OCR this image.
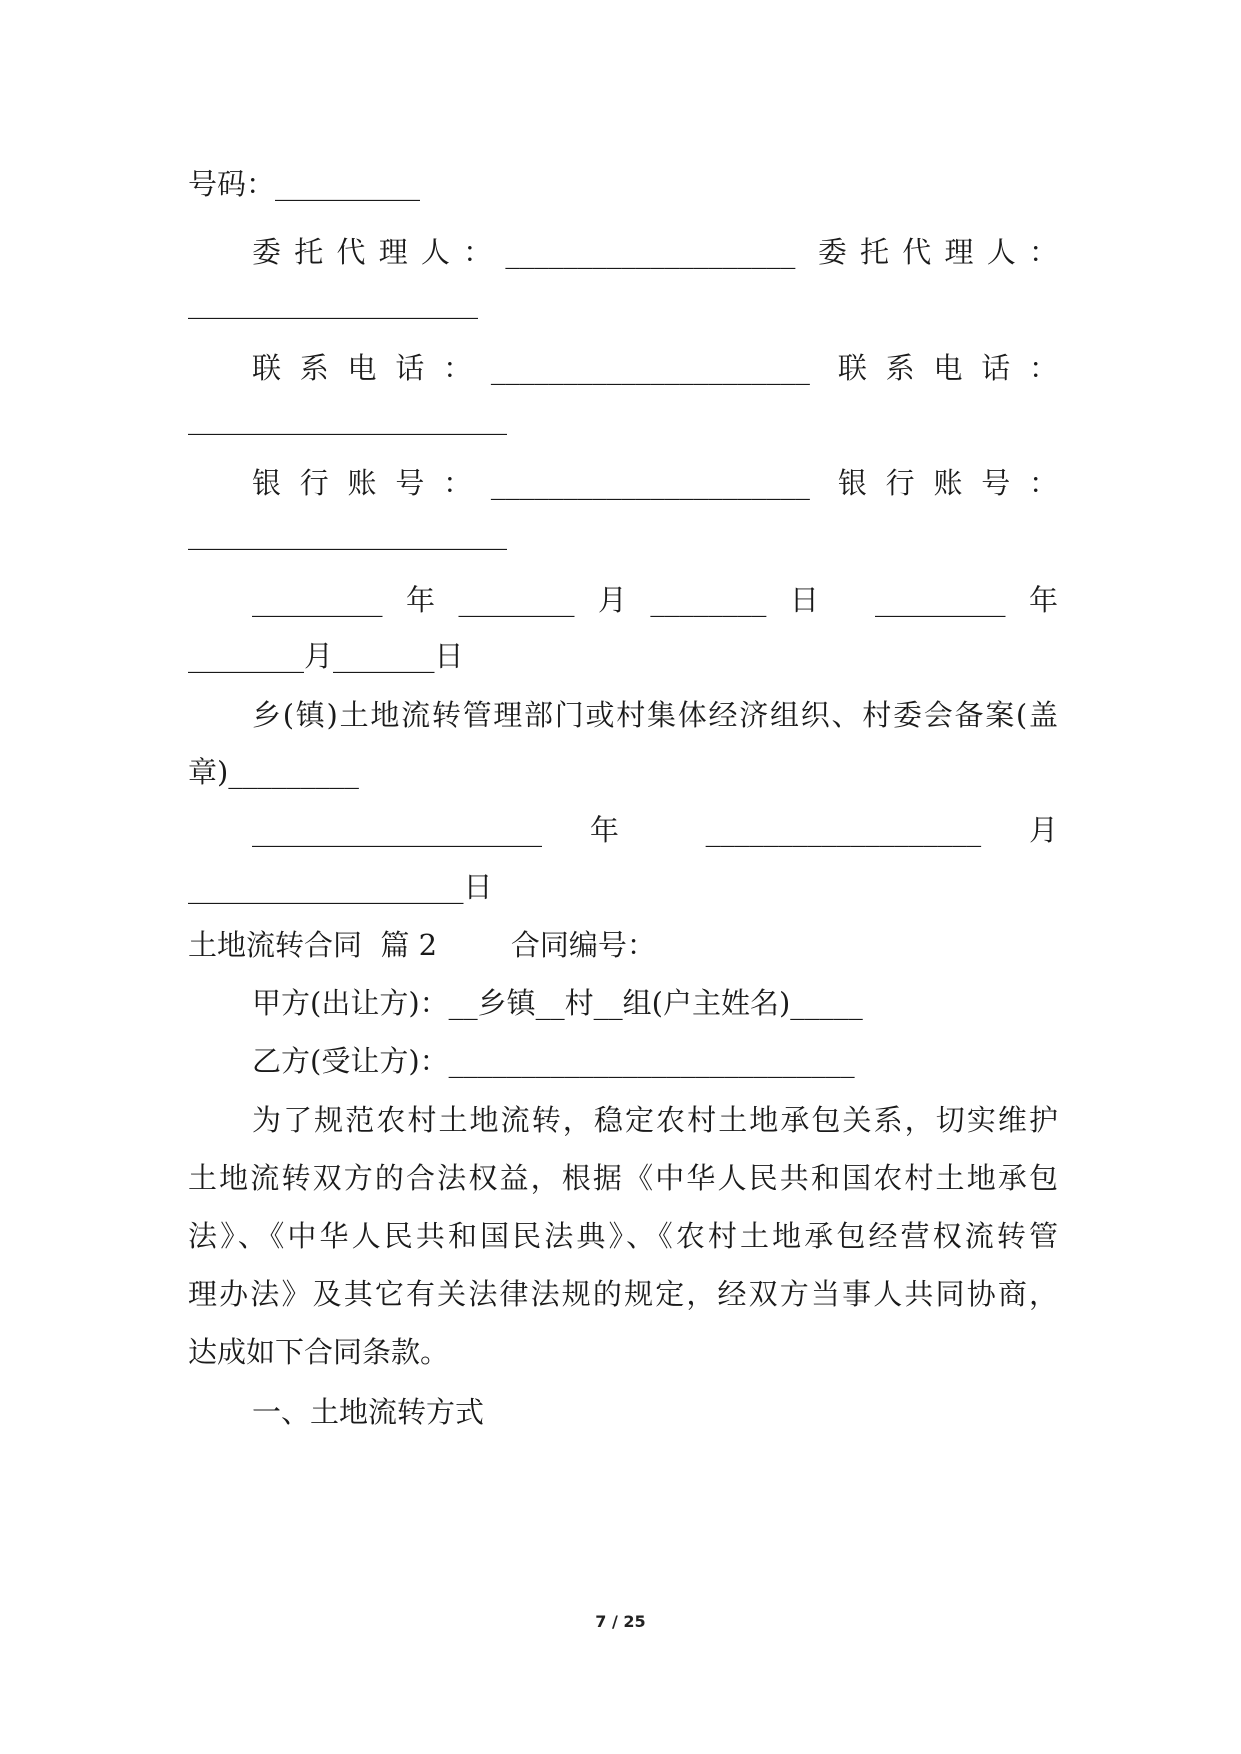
号码：__________
委托代理人：____________________ 委托代理人：
____________________
联系电话：______________________ 联系电话：
______________________
银行账号：______________________ 银行账号：
______________________
_________年________月________日 _________年
________月_______日
乡(镇)土地流转管理部门或村集体经济组织、村委会备案(盖
章)_________
____________________ 年 ___________________ 月
___________________日
土地流转合同  篇 2        合同编号：
甲方(出让方)：__乡镇__村__组(户主姓名)_____
乙方(受让方)：____________________________
为了规范农村土地流转，稳定农村土地承包关系，切实维护
土地流转双方的合法权益，根据《中华人民共和国农村土地承包
法》、《中华人民共和国民法典》、《农村土地承包经营权流转管
理办法》及其它有关法律法规的规定，经双方当事人共同协商，
达成如下合同条款。
一、土地流转方式
7 / 25
